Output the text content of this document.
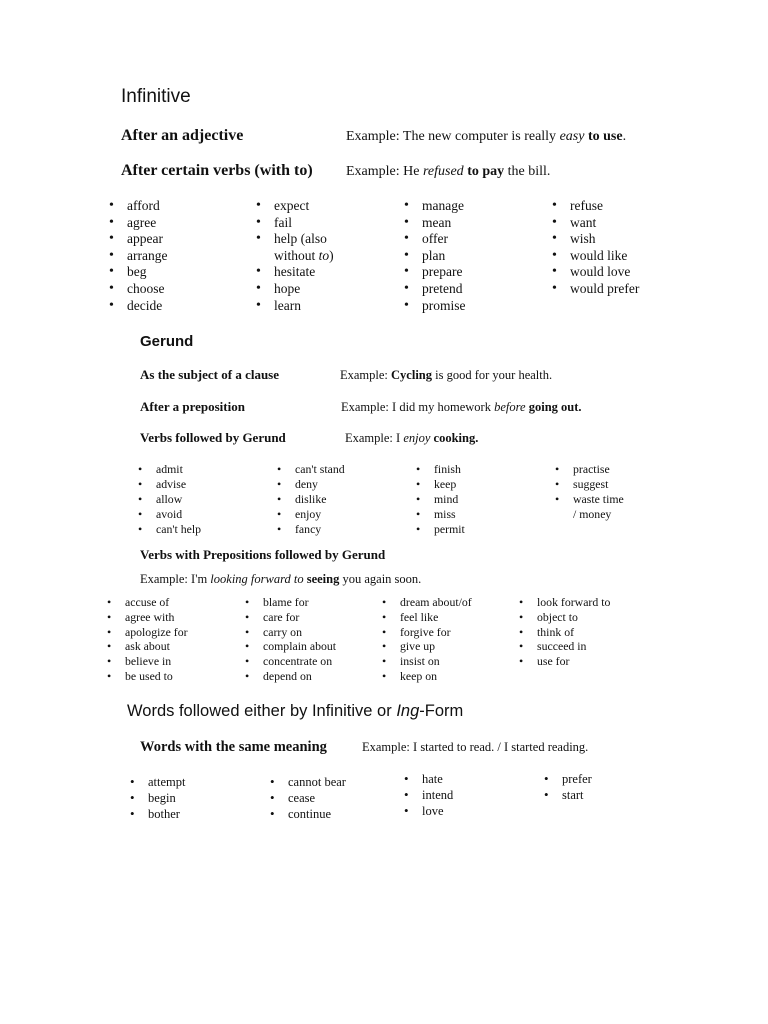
Infinitive
After an adjective	Example: The new computer is really easy to use.
After certain verbs (with to) Example: He refused to pay the bill.
• afford
• agree
• appear
• arrange
• beg
• choose
• decide
• expect
• fail
• help (also
without to)
• hesitate
• hope
• learn
• manage
• mean
• offer
• plan
• prepare
• pretend
• promise
• refuse
• want
• wish
• would like
• would love
• would prefer
Gerund
As the subject of a clause	Example: Cycling is good for your health.
After a preposition	Example: I did my homework before going out.
Verbs followed by Gerund	Example: I enjoy cooking.
• admit
• advise
• allow
• avoid
• can't help
• can't stand
• deny
• dislike
• enjoy
• fancy
• finish
• keep
• mind
• miss
• permit
• practise
• suggest
• waste time
/ money
Verbs with Prepositions followed by Gerund
Example: I'm looking forward to seeing you again soon.
• accuse of
• agree with
• apologize for
• ask about
• believe in
• be used to
• blame for
• care for
• carry on
• complain about
• concentrate on
• depend on
• dream about/of
• feel like
• forgive for
• give up
• insist on
• keep on
• look forward to
• object to
• think of
• succeed in
• use for
Words followed either by Infinitive or Ing-Form
Words with the same meaning	Example: I started to read. / I started reading.
• attempt
• begin
• bother
• cannot bear
• cease
• continue
• hate
• intend
• love
• prefer
• start
